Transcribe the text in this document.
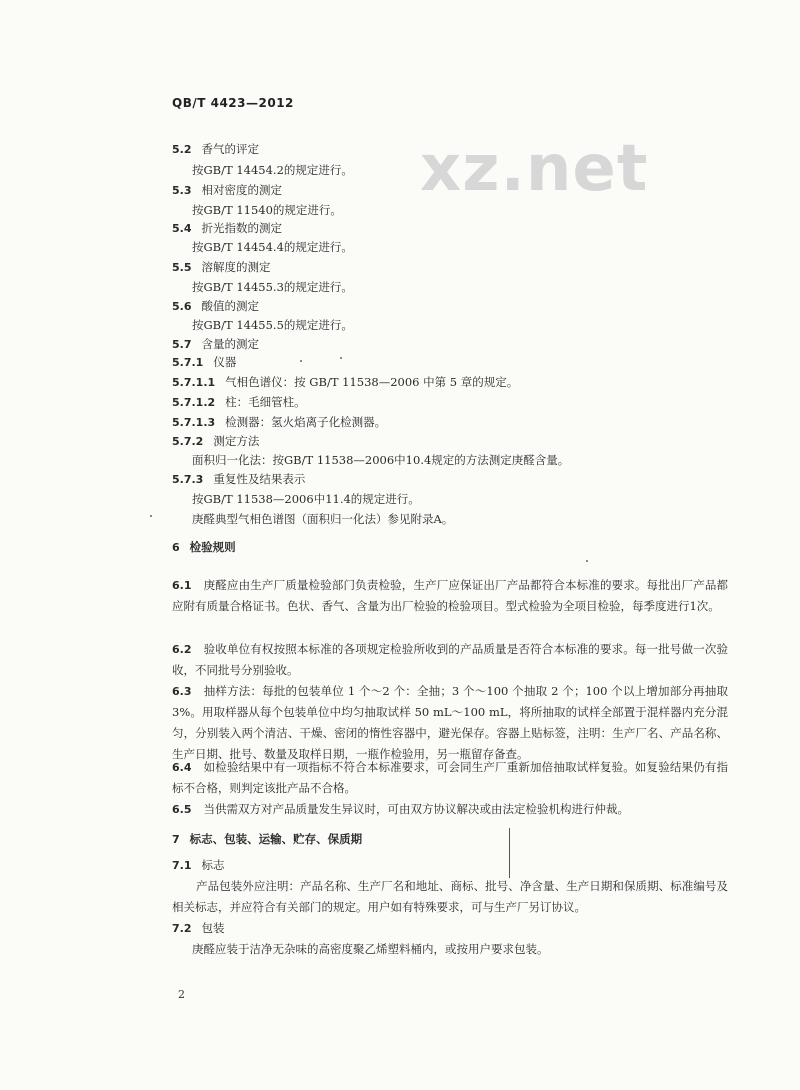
QB/T 4423—2012
xz.net
5.2 香气的评定
按GB/T 14454.2的规定进行。
5.3 相对密度的测定
按GB/T 11540的规定进行。
5.4 折光指数的测定
按GB/T 14454.4的规定进行。
5.5 溶解度的测定
按GB/T 14455.3的规定进行。
5.6 酸值的测定
按GB/T 14455.5的规定进行。
5.7 含量的测定
5.7.1 仪器
5.7.1.1 气相色谱仪：按 GB/T 11538—2006 中第 5 章的规定。
5.7.1.2 柱：毛细管柱。
5.7.1.3 检测器：氢火焰离子化检测器。
5.7.2 测定方法
面积归一化法：按GB/T 11538—2006中10.4规定的方法测定庚醛含量。
5.7.3 重复性及结果表示
按GB/T 11538—2006中11.4的规定进行。
庚醛典型气相色谱图（面积归一化法）参见附录A。
6 检验规则
6.1 庚醛应由生产厂质量检验部门负责检验，生产厂应保证出厂产品都符合本标准的要求。每批出厂产品都应附有质量合格证书。色状、香气、含量为出厂检验的检验项目。型式检验为全项目检验，每季度进行1次。
6.2 验收单位有权按照本标准的各项规定检验所收到的产品质量是否符合本标准的要求。每一批号做一次验收，不同批号分别验收。
6.3 抽样方法：每批的包装单位 1 个～2 个：全抽；3 个～100 个抽取 2 个；100 个以上增加部分再抽取 3%。用取样器从每个包装单位中均匀抽取试样 50 mL～100 mL，将所抽取的试样全部置于混样器内充分混匀，分别装入两个清洁、干燥、密闭的惰性容器中，避光保存。容器上贴标签，注明：生产厂名、产品名称、生产日期、批号、数量及取样日期，一瓶作检验用，另一瓶留存备查。
6.4 如检验结果中有一项指标不符合本标准要求，可会同生产厂重新加倍抽取试样复验。如复验结果仍有指标不合格，则判定该批产品不合格。
6.5 当供需双方对产品质量发生异议时，可由双方协议解决或由法定检验机构进行仲裁。
7 标志、包装、运输、贮存、保质期
7.1 标志
产品包装外应注明：产品名称、生产厂名和地址、商标、批号、净含量、生产日期和保质期、标准编号及相关标志，并应符合有关部门的规定。用户如有特殊要求，可与生产厂另订协议。
7.2 包装
庚醛应装于洁净无杂味的高密度聚乙烯塑料桶内，或按用户要求包装。
2
